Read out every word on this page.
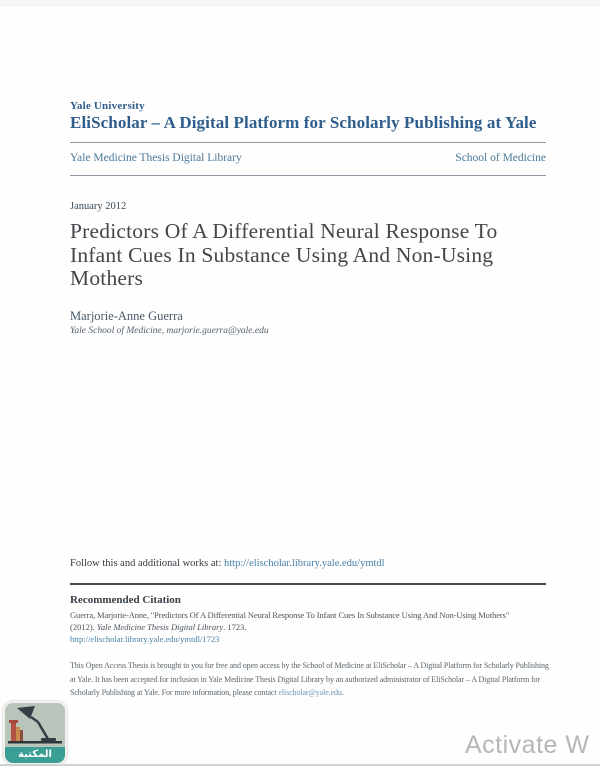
Yale University
EliScholar – A Digital Platform for Scholarly Publishing at Yale
Yale Medicine Thesis Digital Library	School of Medicine
January 2012
Predictors Of A Differential Neural Response To
Infant Cues In Substance Using And Non-Using
Mothers
Marjorie-Anne Guerra
Yale School of Medicine, marjorie.guerra@yale.edu
Follow this and additional works at: http://elischolar.library.yale.edu/ymtdl
Recommended Citation
Guerra, Marjorie-Anne, "Predictors Of A Differential Neural Response To Infant Cues In Substance Using And Non-Using Mothers"
(2012). Yale Medicine Thesis Digital Library. 1723.
http://elischolar.library.yale.edu/ymtdl/1723

This Open Access Thesis is brought to you for free and open access by the School of Medicine at EliScholar – A Digital Platform for Scholarly Publishing at Yale. It has been accepted for inclusion in Yale Medicine Thesis Digital Library by an authorized administrator of EliScholar – A Digital Platform for Scholarly Publishing at Yale. For more information, please contact elischolar@yale.edu.

المكتبة	Activate W
